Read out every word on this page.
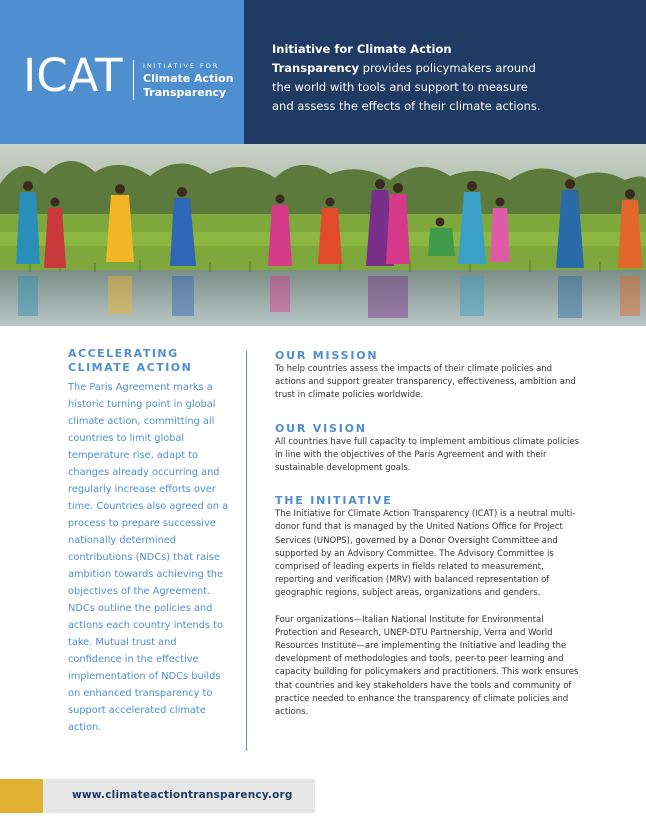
ICAT	INITIATIVE FOR
Climate Action
Transparency
Initiative for Climate Action Transparency provides policymakers around the world with tools and support to measure and assess the effects of their climate actions.

ACCELERATING CLIMATE ACTION

The Paris Agreement marks a historic turning point in global climate action, committing all countries to limit global temperature rise, adapt to changes already occurring and regularly increase efforts over time. Countries also agreed on a process to prepare successive nationally determined contributions (NDCs) that raise ambition towards achieving the objectives of the Agreement. NDCs outline the policies and actions each country intends to take. Mutual trust and confidence in the effective implementation of NDCs builds on enhanced transparency to support accelerated climate action.

OUR MISSION

To help countries assess the impacts of their climate policies and actions and support greater transparency, effectiveness, ambition and trust in climate policies worldwide.

OUR VISION

All countries have full capacity to implement ambitious climate policies in line with the objectives of the Paris Agreement and with their sustainable development goals.

THE INITIATIVE

The Initiative for Climate Action Transparency (ICAT) is a neutral multi-donor fund that is managed by the United Nations Office for Project Services (UNOPS), governed by a Donor Oversight Committee and supported by an Advisory Committee. The Advisory Committee is comprised of leading experts in fields related to measurement, reporting and verification (MRV) with balanced representation of geographic regions, subject areas, organizations and genders.

Four organizations—Italian National Institute for Environmental Protection and Research, UNEP-DTU Partnership, Verra and World Resources Institute—are implementing the Initiative and leading the development of methodologies and tools, peer-to peer learning and capacity building for policymakers and practitioners. This work ensures that countries and key stakeholders have the tools and community of practice needed to enhance the transparency of climate policies and actions.

www.climateactiontransparency.org
